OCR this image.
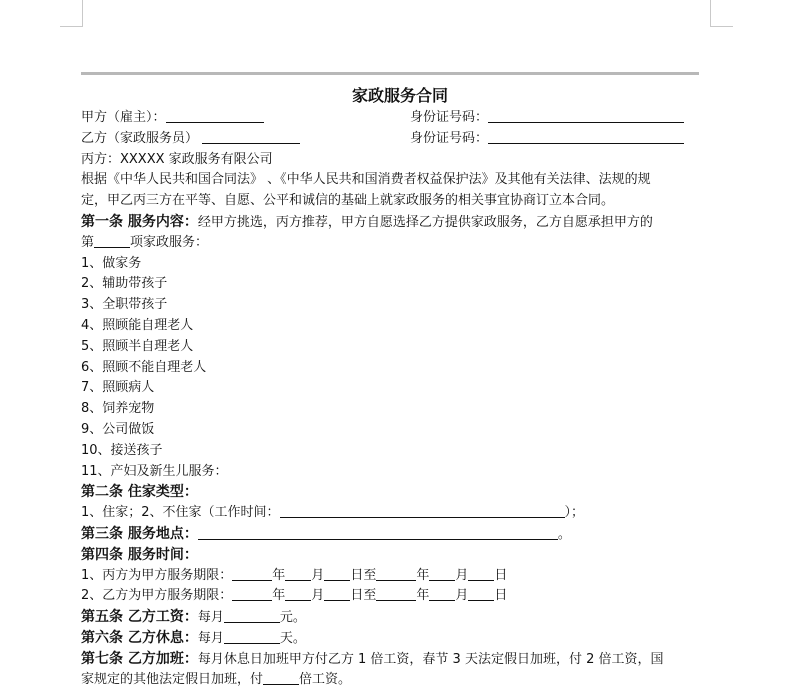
家政服务合同
甲方（雇主）：	身份证号码：
乙方（家政服务员）	身份证号码：
丙方：XXXXX 家政服务有限公司
根据《中华人民共和国合同法》 、《中华人民共和国消费者权益保护法》及其他有关法律、法规的规
定，甲乙丙三方在平等、自愿、公平和诚信的基础上就家政服务的相关事宜协商订立本合同。
第一条 服务内容：经甲方挑选，丙方推荐，甲方自愿选择乙方提供家政服务，乙方自愿承担甲方的
第	项家政服务：
1、做家务
2、辅助带孩子
3、全职带孩子
4、照顾能自理老人
5、照顾半自理老人
6、照顾不能自理老人
7、照顾病人
8、饲养宠物
9、公司做饭
10、接送孩子
11、产妇及新生儿服务：
第二条 住家类型：
1、住家；2、不住家（工作时间：	）；
第三条 服务地点：	。
第四条 服务时间：
1、丙方为甲方服务期限：	年 月 日至	年 月 日
2、乙方为甲方服务期限：	年 月 日至	年 月 日
第五条 乙方工资：每月	元。
第六条 乙方休息：每月	天。
第七条 乙方加班：每月休息日加班甲方付乙方 1 倍工资，春节 3 天法定假日加班，付 2 倍工资，国
家规定的其他法定假日加班，付	倍工资。
